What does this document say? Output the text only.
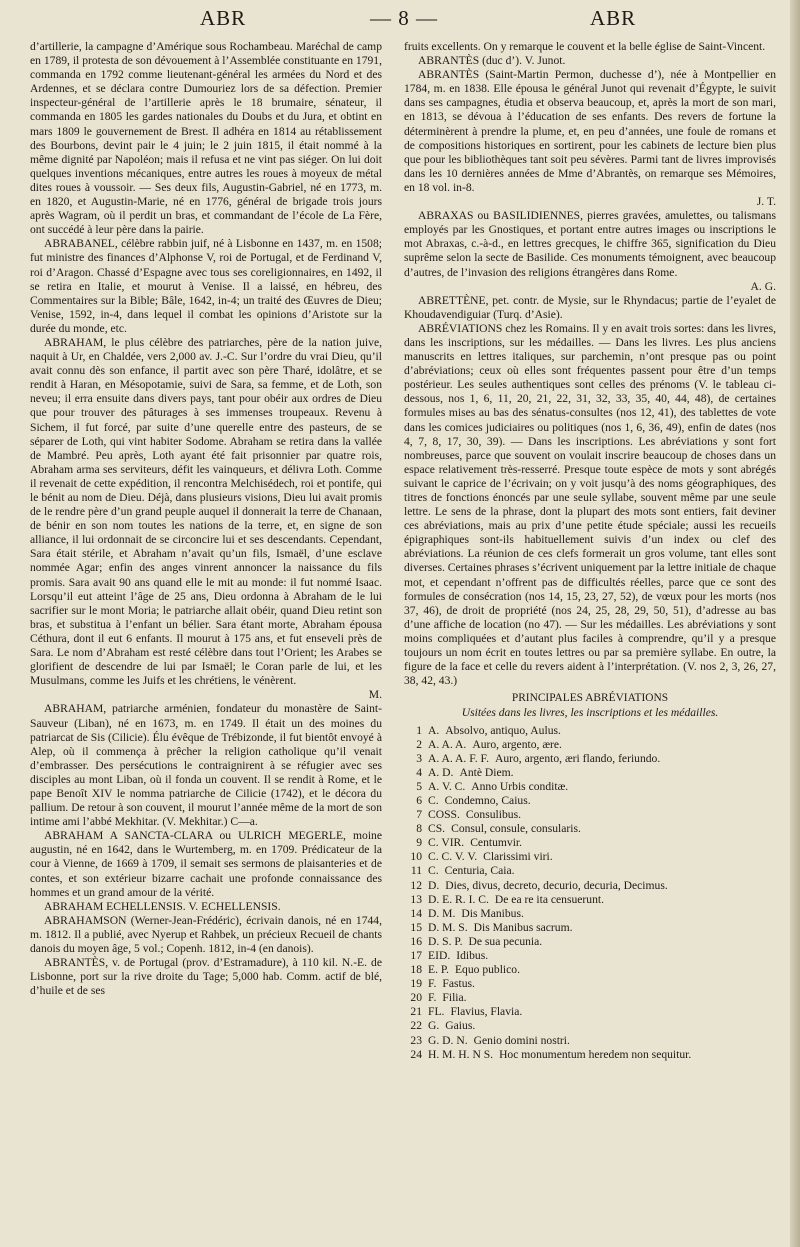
ABR	— 8 —	ABR

d’artillerie, la campagne d’Amérique sous Rochambeau. Maréchal de camp en 1789, il protesta de son dévouement à l’Assemblée constituante en 1791, commanda en 1792 comme lieutenant-général les armées du Nord et des Ardennes, et se déclara contre Dumouriez lors de sa défection. Premier inspecteur-général de l’artillerie après le 18 brumaire, sénateur, il commanda en 1805 les gardes nationales du Doubs et du Jura, et obtint en mars 1809 le gouvernement de Brest. Il adhéra en 1814 au rétablissement des Bourbons, devint pair le 4 juin; le 2 juin 1815, il était nommé à la même dignité par Napoléon; mais il refusa et ne vint pas siéger. On lui doit quelques inventions mécaniques, entre autres les roues à moyeux de métal dites roues à voussoir. — Ses deux fils, Augustin-Gabriel, né en 1773, m. en 1820, et Augustin-Marie, né en 1776, général de brigade trois jours après Wagram, où il perdit un bras, et commandant de l’école de La Fère, ont succédé à leur père dans la pairie.

ABRABANEL, célèbre rabbin juif, né à Lisbonne en 1437, m. en 1508; fut ministre des finances d’Alphonse V, roi de Portugal, et de Ferdinand V, roi d’Aragon. Chassé d’Espagne avec tous ses coreligionnaires, en 1492, il se retira en Italie, et mourut à Venise. Il a laissé, en hébreu, des Commentaires sur la Bible; Bâle, 1642, in-4; un traité des Œuvres de Dieu; Venise, 1592, in-4, dans lequel il combat les opinions d’Aristote sur la durée du monde, etc.

ABRAHAM, le plus célèbre des patriarches, père de la nation juive, naquit à Ur, en Chaldée, vers 2,000 av. J.-C. Sur l’ordre du vrai Dieu, qu’il avait connu dès son enfance, il partit avec son père Tharé, idolâtre, et se rendit à Haran, en Mésopotamie, suivi de Sara, sa femme, et de Loth, son neveu; il erra ensuite dans divers pays, tant pour obéir aux ordres de Dieu que pour trouver des pâturages à ses immenses troupeaux. Revenu à Sichem, il fut forcé, par suite d’une querelle entre des pasteurs, de se séparer de Loth, qui vint habiter Sodome. Abraham se retira dans la vallée de Mambré. Peu après, Loth ayant été fait prisonnier par quatre rois, Abraham arma ses serviteurs, défit les vainqueurs, et délivra Loth. Comme il revenait de cette expédition, il rencontra Melchisédech, roi et pontife, qui le bénit au nom de Dieu. Déjà, dans plusieurs visions, Dieu lui avait promis de le rendre père d’un grand peuple auquel il donnerait la terre de Chanaan, de bénir en son nom toutes les nations de la terre, et, en signe de son alliance, il lui ordonnait de se circoncire lui et ses descendants. Cependant, Sara était stérile, et Abraham n’avait qu’un fils, Ismaël, d’une esclave nommée Agar; enfin des anges vinrent annoncer la naissance du fils promis. Sara avait 90 ans quand elle le mit au monde: il fut nommé Isaac. Lorsqu’il eut atteint l’âge de 25 ans, Dieu ordonna à Abraham de le lui sacrifier sur le mont Moria; le patriarche allait obéir, quand Dieu retint son bras, et substitua à l’enfant un bélier. Sara étant morte, Abraham épousa Céthura, dont il eut 6 enfants. Il mourut à 175 ans, et fut enseveli près de Sara. Le nom d’Abraham est resté célèbre dans tout l’Orient; les Arabes se glorifient de descendre de lui par Ismaël; le Coran parle de lui, et les Musulmans, comme les Juifs et les chrétiens, le vénèrent.

M.

ABRAHAM, patriarche arménien, fondateur du monastère de Saint-Sauveur (Liban), né en 1673, m. en 1749. Il était un des moines du patriarcat de Sis (Cilicie). Élu évêque de Trébizonde, il fut bientôt envoyé à Alep, où il commença à prêcher la religion catholique qu’il venait d’embrasser. Des persécutions le contraignirent à se réfugier avec ses disciples au mont Liban, où il fonda un couvent. Il se rendit à Rome, et le pape Benoît XIV le nomma patriarche de Cilicie (1742), et le décora du pallium. De retour à son couvent, il mourut l’année même de la mort de son intime ami l’abbé Mekhitar. (V. Mekhitar.) C—a.

ABRAHAM A SANCTA-CLARA ou ULRICH MEGERLE, moine augustin, né en 1642, dans le Wurtemberg, m. en 1709. Prédicateur de la cour à Vienne, de 1669 à 1709, il semait ses sermons de plaisanteries et de contes, et son extérieur bizarre cachait une profonde connaissance des hommes et un grand amour de la vérité.

ABRAHAM ECHELLENSIS. V. ECHELLENSIS.

ABRAHAMSON (Werner-Jean-Frédéric), écrivain danois, né en 1744, m. 1812. Il a publié, avec Nyerup et Rahbek, un précieux Recueil de chants danois du moyen âge, 5 vol.; Copenh. 1812, in-4 (en danois).

ABRANTÈS, v. de Portugal (prov. d’Estramadure), à 110 kil. N.-E. de Lisbonne, port sur la rive droite du Tage; 5,000 hab. Comm. actif de blé, d’huile et de ses

fruits excellents. On y remarque le couvent et la belle église de Saint-Vincent.

ABRANTÈS (duc d’). V. Junot.

ABRANTÈS (Saint-Martin Permon, duchesse d’), née à Montpellier en 1784, m. en 1838. Elle épousa le général Junot qui revenait d’Égypte, le suivit dans ses campagnes, étudia et observa beaucoup, et, après la mort de son mari, en 1813, se dévoua à l’éducation de ses enfants. Des revers de fortune la déterminèrent à prendre la plume, et, en peu d’années, une foule de romans et de compositions historiques en sortirent, pour les cabinets de lecture bien plus que pour les bibliothèques tant soit peu sévères. Parmi tant de livres improvisés dans les 10 dernières années de Mme d’Abrantès, on remarque ses Mémoires, en 18 vol. in-8.

J. T.

ABRAXAS ou BASILIDIENNES, pierres gravées, amulettes, ou talismans employés par les Gnostiques, et portant entre autres images ou inscriptions le mot Abraxas, c.-à-d., en lettres grecques, le chiffre 365, signification du Dieu suprême selon la secte de Basilide. Ces monuments témoignent, avec beaucoup d’autres, de l’invasion des religions étrangères dans Rome.

A. G.

ABRETTÈNE, pet. contr. de Mysie, sur le Rhyndacus; partie de l’eyalet de Khoudavendiguiar (Turq. d’Asie).

ABRÉVIATIONS chez les Romains. Il y en avait trois sortes: dans les livres, dans les inscriptions, sur les médailles. — Dans les livres. Les plus anciens manuscrits en lettres italiques, sur parchemin, n’ont presque pas ou point d’abréviations; ceux où elles sont fréquentes passent pour être d’un temps postérieur. Les seules authentiques sont celles des prénoms (V. le tableau ci-dessous, nos 1, 6, 11, 20, 21, 22, 31, 32, 33, 35, 40, 44, 48), de certaines formules mises au bas des sénatus-consultes (nos 12, 41), des tablettes de vote dans les comices judiciaires ou politiques (nos 1, 6, 36, 49), enfin de dates (nos 4, 7, 8, 17, 30, 39). — Dans les inscriptions. Les abréviations y sont fort nombreuses, parce que souvent on voulait inscrire beaucoup de choses dans un espace relativement très-resserré. Presque toute espèce de mots y sont abrégés suivant le caprice de l’écrivain; on y voit jusqu’à des noms géographiques, des titres de fonctions énoncés par une seule syllabe, souvent même par une seule lettre. Le sens de la phrase, dont la plupart des mots sont entiers, fait deviner ces abréviations, mais au prix d’une petite étude spéciale; aussi les recueils épigraphiques sont-ils habituellement suivis d’un index ou clef des abréviations. La réunion de ces clefs formerait un gros volume, tant elles sont diverses. Certaines phrases s’écrivent uniquement par la lettre initiale de chaque mot, et cependant n’offrent pas de difficultés réelles, parce que ce sont des formules de consécration (nos 14, 15, 23, 27, 52), de vœux pour les morts (nos 37, 46), de droit de propriété (nos 24, 25, 28, 29, 50, 51), d’adresse au bas d’une affiche de location (no 47). — Sur les médailles. Les abréviations y sont moins compliquées et d’autant plus faciles à comprendre, qu’il y a presque toujours un nom écrit en toutes lettres ou par sa première syllabe. En outre, la figure de la face et celle du revers aident à l’interprétation. (V. nos 2, 3, 26, 27, 38, 42, 43.)

PRINCIPALES ABRÉVIATIONS
Usitées dans les livres, les inscriptions et les médailles.
1 A. Absolvo, antiquo, Aulus.
2 A. A. A. Auro, argento, ære.
3 A. A. A. F. F. Auro, argento, æri flando, feriundo.
4 A. D. Antè Diem.
5 A. V. C. Anno Urbis conditæ.
6 C. Condemno, Caius.
7 COSS. Consulibus.
8 CS. Consul, consule, consularis.
9 C. VIR. Centumvir.
10 C. C. V. V. Clarissimi viri.
11 C. Centuria, Caia.
12 D. Dies, divus, decreto, decurio, decuria, Decimus.
13 D. E. R. I. C. De ea re ita censuerunt.
14 D. M. Dis Manibus.
15 D. M. S. Dis Manibus sacrum.
16 D. S. P. De sua pecunia.
17 EID. Idibus.
18 E. P. Equo publico.
19 F. Fastus.
20 F. Filia.
21 FL. Flavius, Flavia.
22 G. Gaius.
23 G. D. N. Genio domini nostri.
24 H. M. H. N S. Hoc monumentum heredem non sequitur.
